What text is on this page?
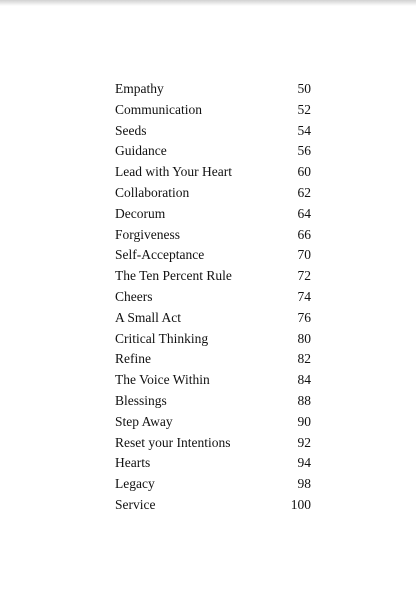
Empathy	50
Communication	52
Seeds	54
Guidance	56
Lead with Your Heart	60
Collaboration	62
Decorum	64
Forgiveness	66
Self-Acceptance	70
The Ten Percent Rule	72
Cheers	74
A Small Act	76
Critical Thinking	80
Refine	82
The Voice Within	84
Blessings	88
Step Away	90
Reset your Intentions	92
Hearts	94
Legacy	98
Service	100
